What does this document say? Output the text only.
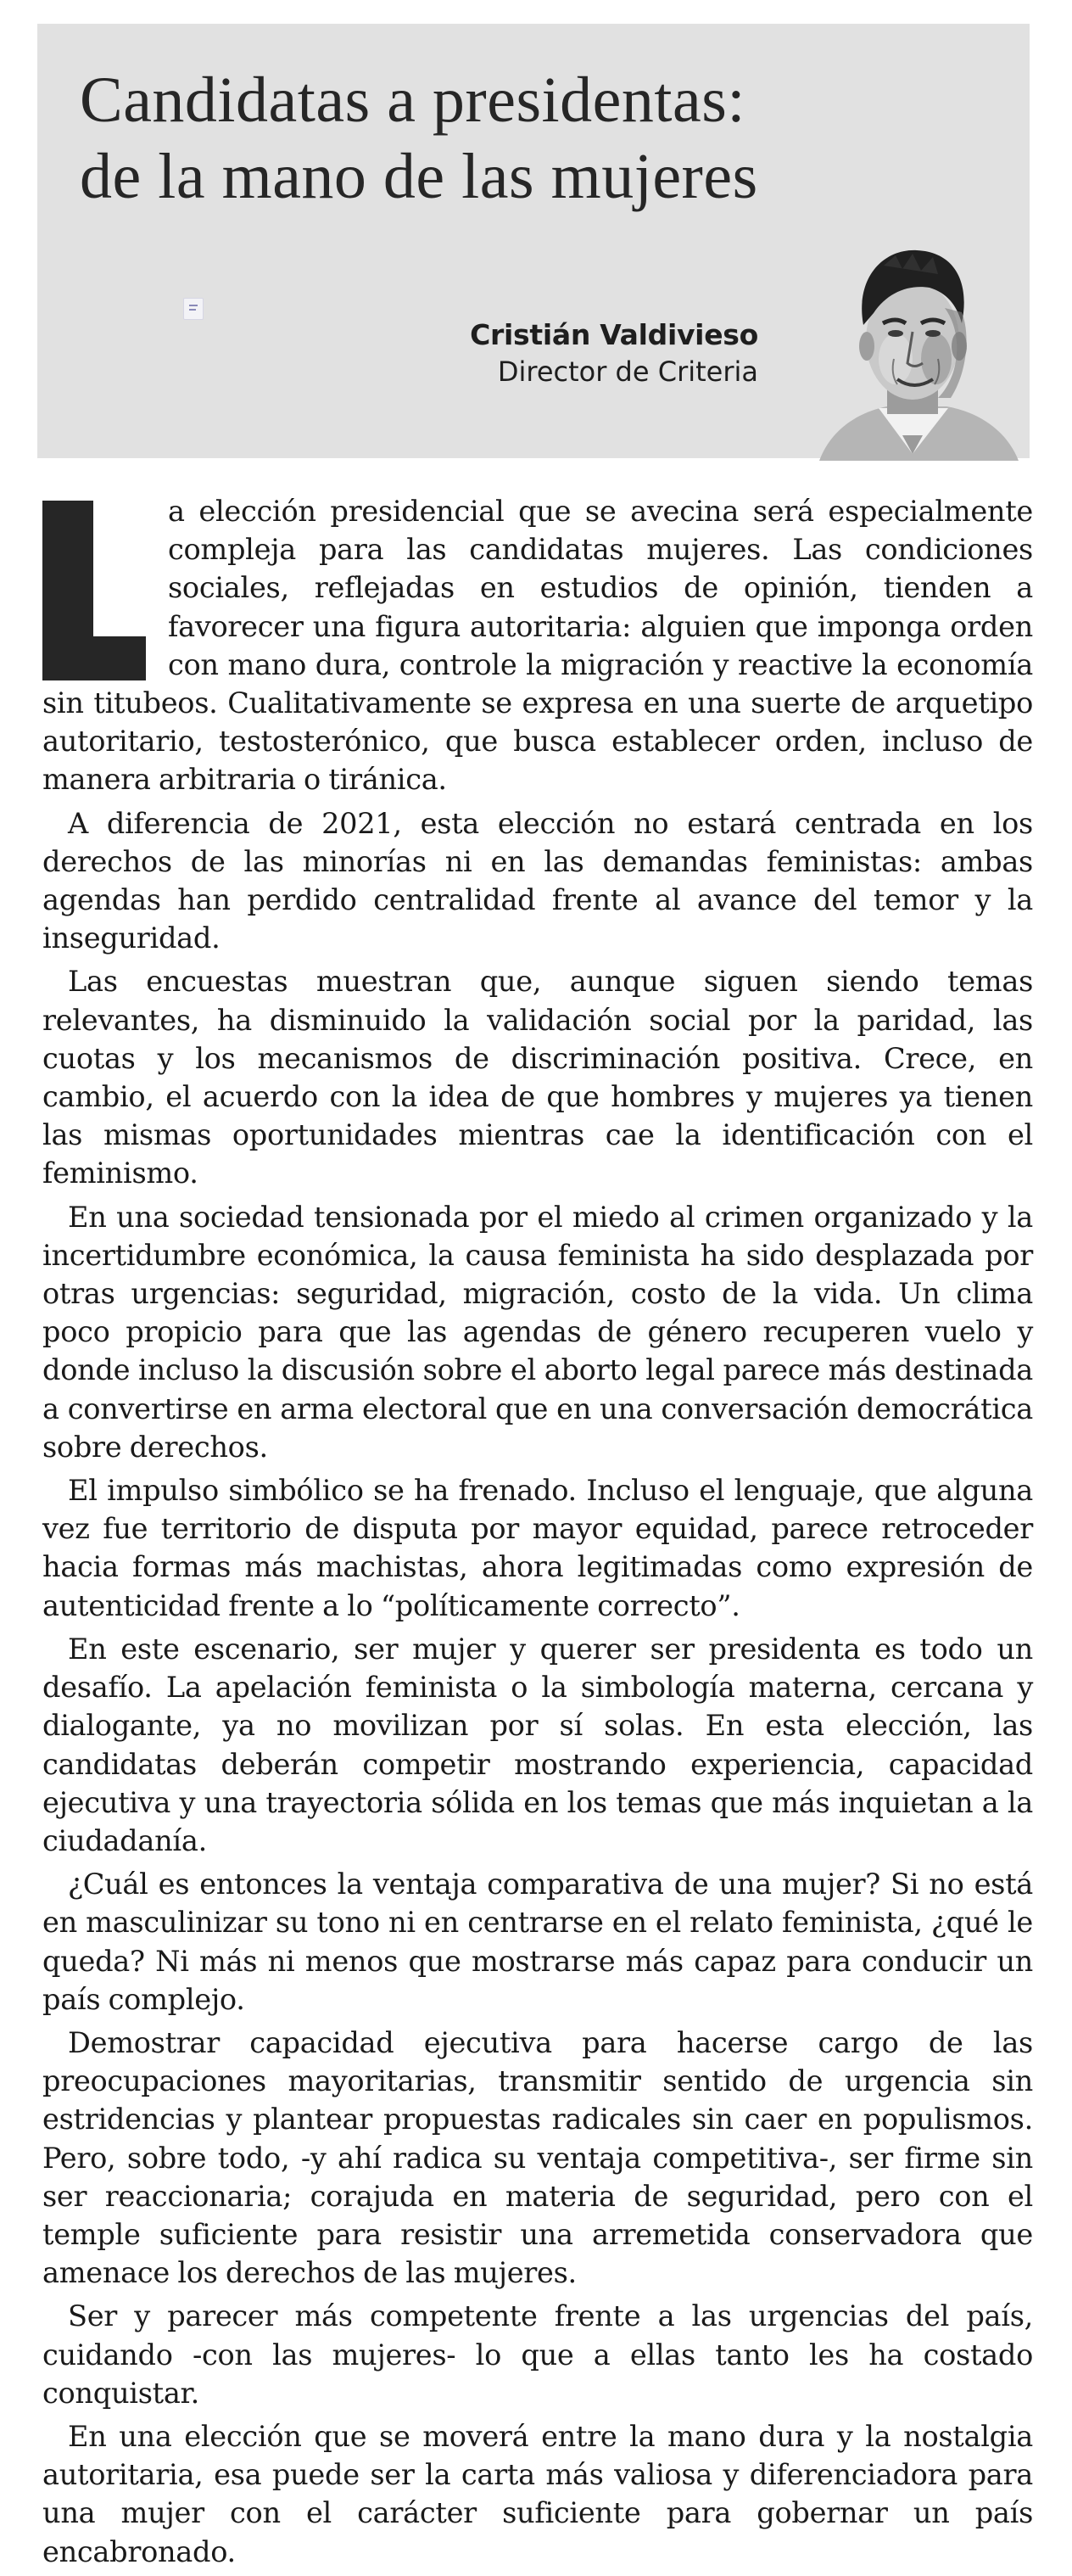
Candidatas a presidentas:
de la mano de las mujeres
Cristián Valdivieso
Director de Criteria

a elección presidencial que se avecina será especialmente compleja para las candidatas mujeres. Las condiciones sociales, reflejadas en estudios de opinión, tienden a favorecer una figura autoritaria: alguien que imponga orden con mano dura, controle la migración y reactive la economía sin titubeos. Cualitativamente se expresa en una suerte de arquetipo autoritario, testosterónico, que busca establecer orden, incluso de manera arbitraria o tiránica.

A diferencia de 2021, esta elección no estará centrada en los derechos de las minorías ni en las demandas feministas: ambas agendas han perdido centralidad frente al avance del temor y la inseguridad.

Las encuestas muestran que, aunque siguen siendo temas relevantes, ha disminuido la validación social por la paridad, las cuotas y los mecanismos de discriminación positiva. Crece, en cambio, el acuerdo con la idea de que hombres y mujeres ya tienen las mismas oportunidades mientras cae la identificación con el feminismo.

En una sociedad tensionada por el miedo al crimen organizado y la incertidumbre económica, la causa feminista ha sido desplazada por otras urgencias: seguridad, migración, costo de la vida. Un clima poco propicio para que las agendas de género recuperen vuelo y donde incluso la discusión sobre el aborto legal parece más destinada a convertirse en arma electoral que en una conversación democrática sobre derechos.

El impulso simbólico se ha frenado. Incluso el lenguaje, que alguna vez fue territorio de disputa por mayor equidad, parece retroceder hacia formas más machistas, ahora legitimadas como expresión de autenticidad frente a lo “políticamente correcto”.

En este escenario, ser mujer y querer ser presidenta es todo un desafío. La apelación feminista o la simbología materna, cercana y dialogante, ya no movilizan por sí solas. En esta elección, las candidatas deberán competir mostrando experiencia, capacidad ejecutiva y una trayectoria sólida en los temas que más inquietan a la ciudadanía.

¿Cuál es entonces la ventaja comparativa de una mujer? Si no está en masculinizar su tono ni en centrarse en el relato feminista, ¿qué le queda? Ni más ni menos que mostrarse más capaz para conducir un país complejo.

Demostrar capacidad ejecutiva para hacerse cargo de las preocupaciones mayoritarias, transmitir sentido de urgencia sin estridencias y plantear propuestas radicales sin caer en populismos. Pero, sobre todo, -y ahí radica su ventaja competitiva-, ser firme sin ser reaccionaria; corajuda en materia de seguridad, pero con el temple suficiente para resistir una arremetida conservadora que amenace los derechos de las mujeres.

Ser y parecer más competente frente a las urgencias del país, cuidando -con las mujeres- lo que a ellas tanto les ha costado conquistar.

En una elección que se moverá entre la mano dura y la nostalgia autoritaria, esa puede ser la carta más valiosa y diferenciadora para una mujer con el carácter suficiente para gobernar un país encabronado.
